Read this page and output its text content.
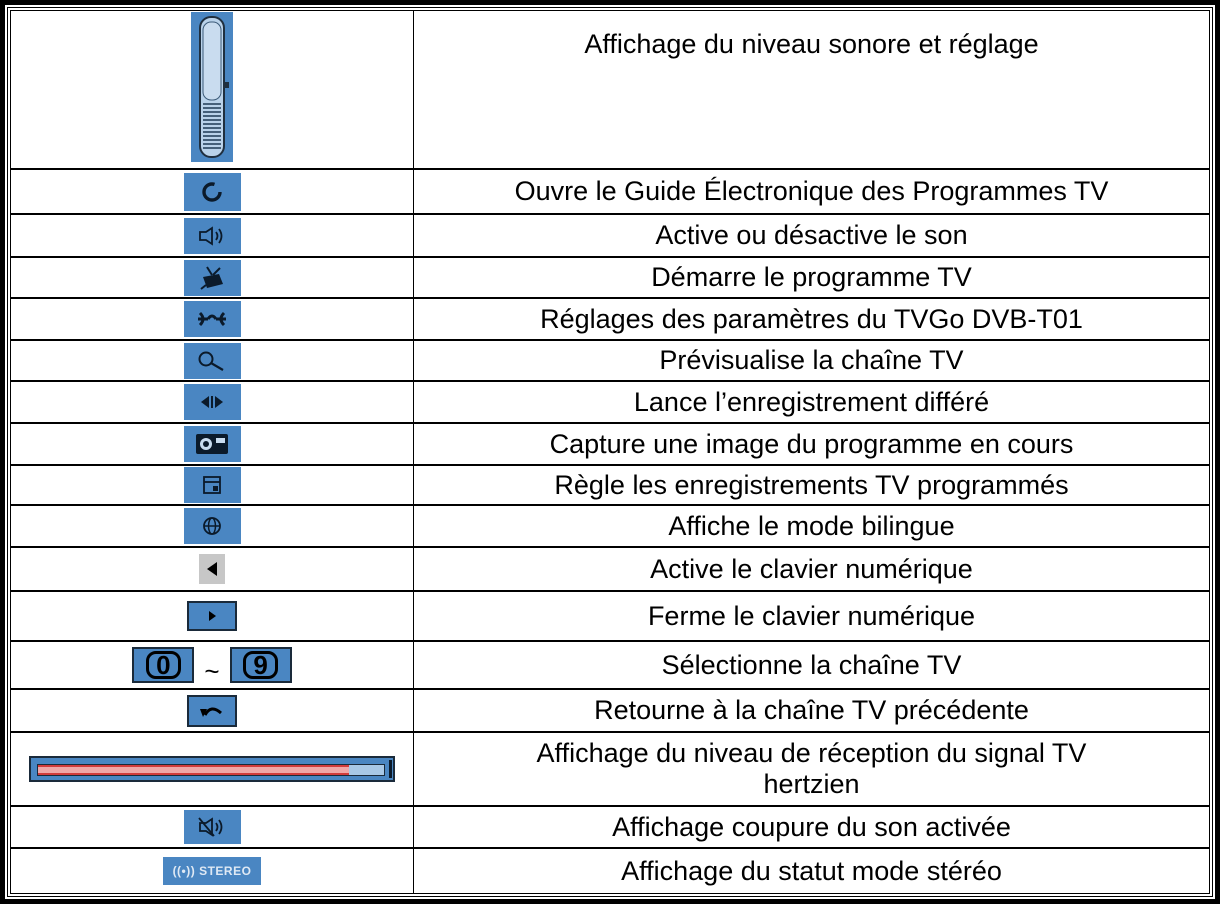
Affichage du niveau sonore et réglage
Ouvre le Guide Électronique des Programmes TV
Active ou désactive le son
Démarre le programme TV
Réglages des paramètres du TVGo DVB-T01
Prévisualise la chaîne TV
Lance l’enregistrement différé
Capture une image du programme en cours
Règle les enregistrements TV programmés
Affiche le mode bilingue
Active le clavier numérique
Ferme le clavier numérique
0	~	9	Sélectionne la chaîne TV
Retourne à la chaîne TV précédente
Affichage du niveau de réception du signal TV
hertzien
Affichage coupure du son activée
((•)) STEREO	Affichage du statut mode stéréo
